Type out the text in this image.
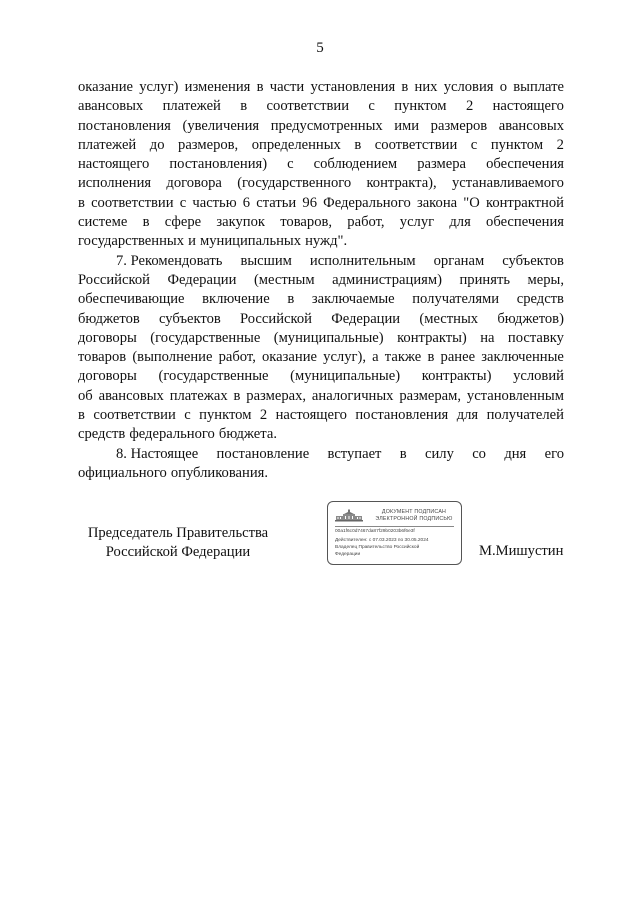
5
оказание услуг) изменения в части установления в них условия о выплате
авансовых платежей в соответствии с пунктом 2 настоящего
постановления (увеличения предусмотренных ими размеров авансовых
платежей до размеров, определенных в соответствии с пунктом 2
настоящего постановления) с соблюдением размера обеспечения
исполнения договора (государственного контракта), устанавливаемого
в соответствии с частью 6 статьи 96 Федерального закона "О контрактной
системе в сфере закупок товаров, работ, услуг для обеспечения
государственных и муниципальных нужд".
7. Рекомендовать высшим исполнительным органам субъектов
Российской Федерации (местным администрациям) принять меры,
обеспечивающие включение в заключаемые получателями средств
бюджетов субъектов Российской Федерации (местных бюджетов)
договоры (государственные (муниципальные) контракты) на поставку
товаров (выполнение работ, оказание услуг), а также в ранее заключенные
договоры (государственные (муниципальные) контракты) условий
об авансовых платежах в размерах, аналогичных размерам, установленным
в соответствии с пунктом 2 настоящего постановления для получателей
средств федерального бюджета.
8. Настоящее постановление вступает в силу со дня его
официального опубликования.
Председатель Правительства
Российской Федерации
ДОКУМЕНТ ПОДПИСАН
ЭЛЕКТРОННОЙ ПОДПИСЬЮ
00a1f6c0d7467da87f29b0203b6f6e3f
Действителен: с 07.03.2023 по 30.05.2024
Владелец Правительство Российской
Федерации	М.Мишустин
